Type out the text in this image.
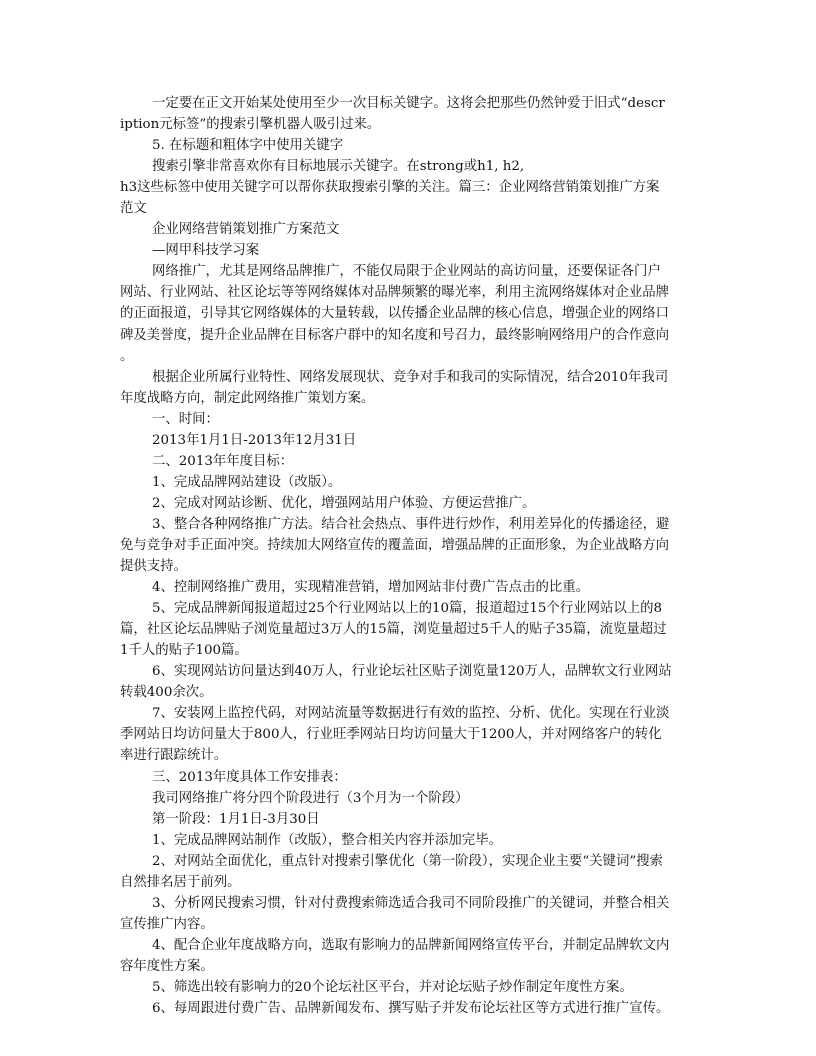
一定要在正文开始某处使用至少一次目标关键字。这将会把那些仍然钟爱于旧式“descr
iption元标签”的搜索引擎机器人吸引过来。
5. 在标题和粗体字中使用关键字
搜索引擎非常喜欢你有目标地展示关键字。在strong或h1, h2,
h3这些标签中使用关键字可以帮你获取搜索引擎的关注。篇三：企业网络营销策划推广方案
范文
企业网络营销策划推广方案范文
—网甲科技学习案
网络推广，尤其是网络品牌推广，不能仅局限于企业网站的高访问量，还要保证各门户
网站、行业网站、社区论坛等等网络媒体对品牌频繁的曝光率，利用主流网络媒体对企业品牌
的正面报道，引导其它网络媒体的大量转载，以传播企业品牌的核心信息，增强企业的网络口
碑及美誉度，提升企业品牌在目标客户群中的知名度和号召力，最终影响网络用户的合作意向
。
根据企业所属行业特性、网络发展现状、竞争对手和我司的实际情况，结合2010年我司
年度战略方向，制定此网络推广策划方案。
一、时间：
2013年1月1日-2013年12月31日
二、2013年年度目标：
1、完成品牌网站建设（改版）。
2、完成对网站诊断、优化，增强网站用户体验、方便运营推广。
3、整合各种网络推广方法。结合社会热点、事件进行炒作，利用差异化的传播途径，避
免与竞争对手正面冲突。持续加大网络宣传的覆盖面，增强品牌的正面形象，为企业战略方向
提供支持。
4、控制网络推广费用，实现精准营销，增加网站非付费广告点击的比重。
5、完成品牌新闻报道超过25个行业网站以上的10篇，报道超过15个行业网站以上的8
篇，社区论坛品牌贴子浏览量超过3万人的15篇，浏览量超过5千人的贴子35篇，流览量超过
1千人的贴子100篇。
6、实现网站访问量达到40万人，行业论坛社区贴子浏览量120万人，品牌软文行业网站
转载400余次。
7、安装网上监控代码，对网站流量等数据进行有效的监控、分析、优化。实现在行业淡
季网站日均访问量大于800人，行业旺季网站日均访问量大于1200人，并对网络客户的转化
率进行跟踪统计。
三、2013年度具体工作安排表：
我司网络推广将分四个阶段进行（3个月为一个阶段）
第一阶段：1月1日-3月30日
1、完成品牌网站制作（改版），整合相关内容并添加完毕。
2、对网站全面优化，重点针对搜索引擎优化（第一阶段），实现企业主要“关键词”搜索
自然排名居于前列。
3、分析网民搜索习惯，针对付费搜索筛选适合我司不同阶段推广的关键词，并整合相关
宣传推广内容。
4、配合企业年度战略方向，选取有影响力的品牌新闻网络宣传平台，并制定品牌软文内
容年度性方案。
5、筛选出较有影响力的20个论坛社区平台，并对论坛贴子炒作制定年度性方案。
6、每周跟进付费广告、品牌新闻发布、撰写贴子并发布论坛社区等方式进行推广宣传。
